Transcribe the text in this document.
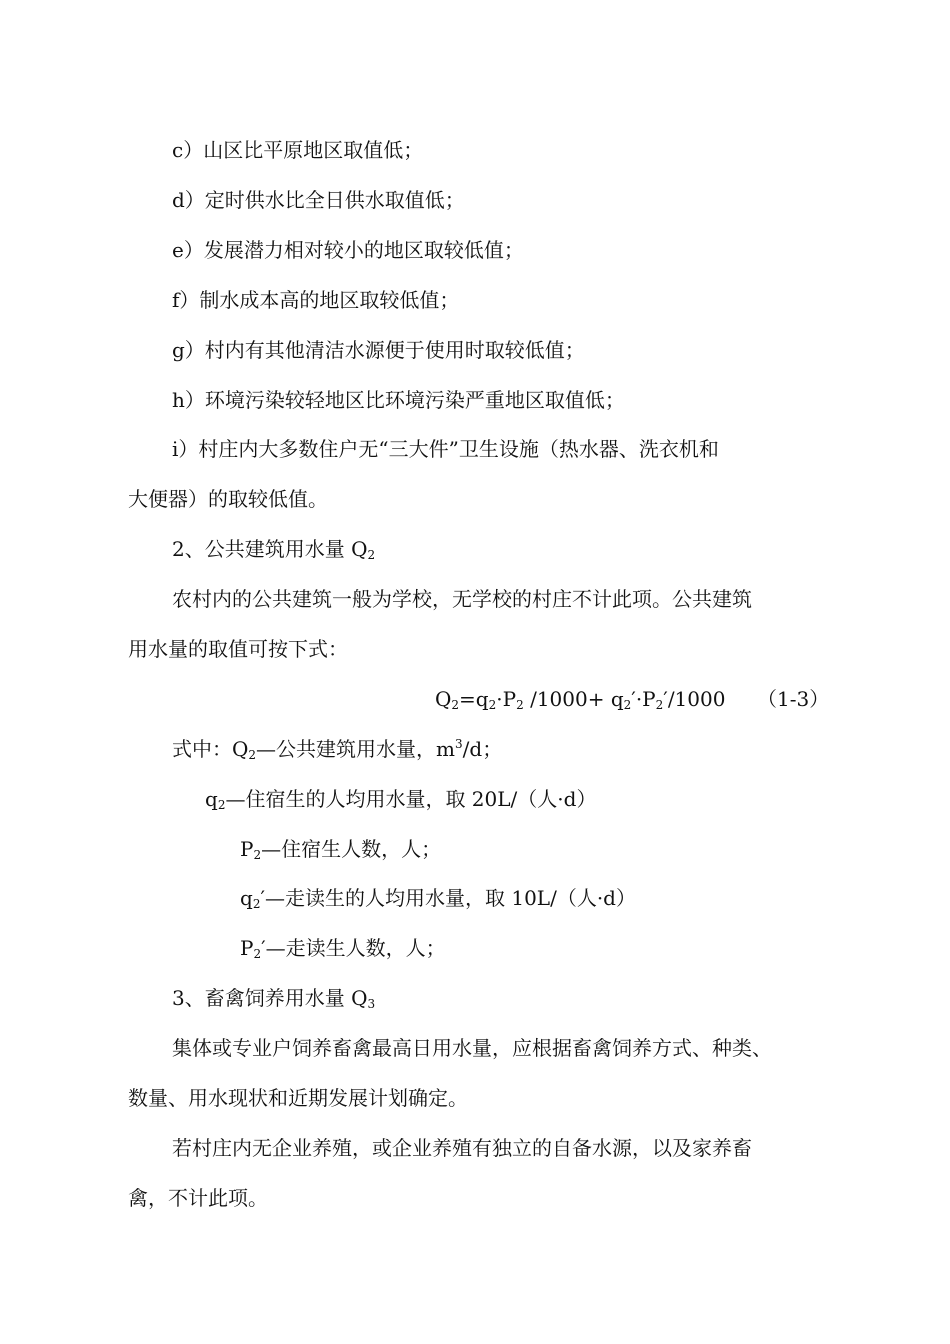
c）山区比平原地区取值低；
d）定时供水比全日供水取值低；
e）发展潜力相对较小的地区取较低值；
f）制水成本高的地区取较低值；
g）村内有其他清洁水源便于使用时取较低值；
h）环境污染较轻地区比环境污染严重地区取值低；
i）村庄内大多数住户无“三大件”卫生设施（热水器、洗衣机和
大便器）的取较低值。
2、公共建筑用水量 $Q_2$
农村内的公共建筑一般为学校，无学校的村庄不计此项。公共建筑
用水量的取值可按下式：
$Q_2=q_2\cdot P_2$ $/1000+ q_2'\cdot P_2'/1000$ （1-3）
式中：$Q_2—$公共建筑用水量，$m^3/d$；
$q_2—$住宿生的人均用水量，取 20L/（人·d）
$P_2—$住宿生人数，人；
$q_2'—$走读生的人均用水量，取 10L/（人·d）
$P_2'—$走读生人数，人；
3、畜禽饲养用水量 $Q_3$
集体或专业户饲养畜禽最高日用水量，应根据畜禽饲养方式、种类、
数量、用水现状和近期发展计划确定。
若村庄内无企业养殖，或企业养殖有独立的自备水源，以及家养畜
禽，不计此项。
